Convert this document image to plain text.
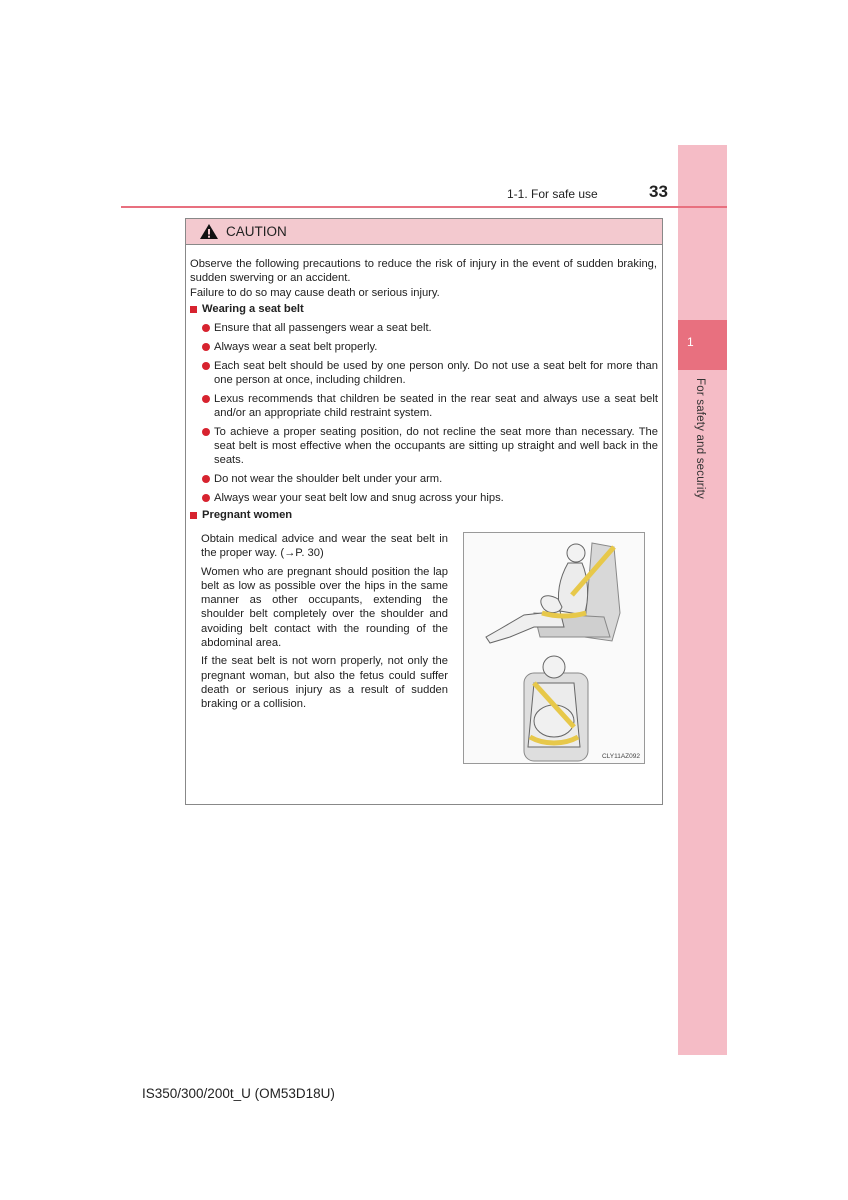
1
For safety and security
1-1. For safe use	33
CAUTION

Observe the following precautions to reduce the risk of injury in the event of sudden braking, sudden swerving or an accident.

Failure to do so may cause death or serious injury.

Wearing a seat belt
Ensure that all passengers wear a seat belt.
Always wear a seat belt properly.
Each seat belt should be used by one person only. Do not use a seat belt for more than one person at once, including children.
Lexus recommends that children be seated in the rear seat and always use a seat belt and/or an appropriate child restraint system.
To achieve a proper seating position, do not recline the seat more than necessary. The seat belt is most effective when the occupants are sitting up straight and well back in the seats.
Do not wear the shoulder belt under your arm.
Always wear your seat belt low and snug across your hips.
Pregnant women

Obtain medical advice and wear the seat belt in the proper way. (→P. 30)

Women who are pregnant should position the lap belt as low as possible over the hips in the same manner as other occupants, extending the shoulder belt completely over the shoulder and avoiding belt contact with the rounding of the abdominal area.

If the seat belt is not worn properly, not only the pregnant woman, but also the fetus could suffer death or serious injury as a result of sudden braking or a collision.

CLY11AZ092
IS350/300/200t_U (OM53D18U)
